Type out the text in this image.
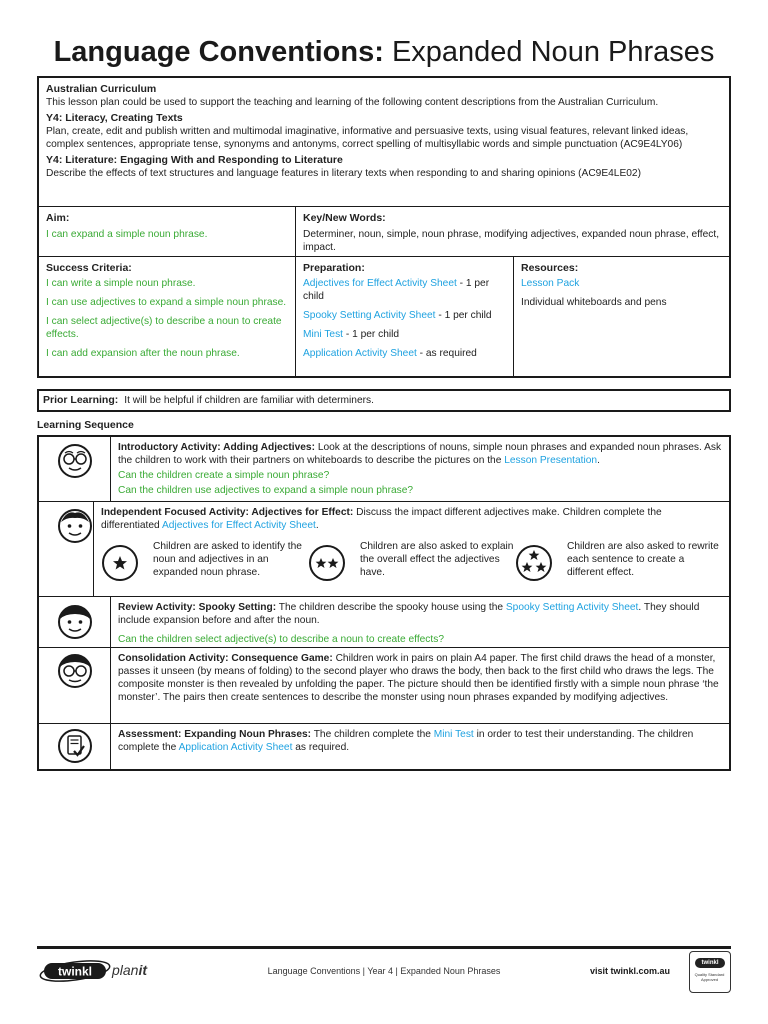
Language Conventions: Expanded Noun Phrases
Australian Curriculum
This lesson plan could be used to support the teaching and learning of the following content descriptions from the Australian Curriculum.
Y4: Literacy, Creating Texts
Plan, create, edit and publish written and multimodal imaginative, informative and persuasive texts, using visual features, relevant linked ideas, complex sentences, appropriate tense, synonyms and antonyms, correct spelling of multisyllabic words and simple punctuation (AC9E4LY06)
Y4: Literature: Engaging With and Responding to Literature
Describe the effects of text structures and language features in literary texts when responding to and sharing opinions (AC9E4LE02)
Aim:
I can expand a simple noun phrase.
Key/New Words:
Determiner, noun, simple, noun phrase, modifying adjectives, expanded noun phrase, effect, impact.
Success Criteria:

I can write a simple noun phrase.

I can use adjectives to expand a simple noun phrase.

I can select adjective(s) to describe a noun to create effects.

I can add expansion after the noun phrase.

Preparation:

Adjectives for Effect Activity Sheet - 1 per child

Spooky Setting Activity Sheet - 1 per child

Mini Test - 1 per child

Application Activity Sheet - as required

Resources:

Lesson Pack

Individual whiteboards and pens

Prior Learning: It will be helpful if children are familiar with determiners.
Learning Sequence

Introductory Activity: Adding Adjectives: Look at the descriptions of nouns, simple noun phrases and expanded noun phrases. Ask the children to work with their partners on whiteboards to describe the pictures on the Lesson Presentation.

Can the children create a simple noun phrase?

Can the children use adjectives to expand a simple noun phrase?

Independent Focused Activity: Adjectives for Effect: Discuss the impact different adjectives make. Children complete the differentiated Adjectives for Effect Activity Sheet.

Children are asked to identify the noun and adjectives in an expanded noun phrase.
Children are also asked to explain the overall effect the adjectives have.
Children are also asked to rewrite each sentence to create a different effect.

Review Activity: Spooky Setting: The children describe the spooky house using the Spooky Setting Activity Sheet. They should include expansion before and after the noun.

Can the children select adjective(s) to describe a noun to create effects?

Consolidation Activity: Consequence Game: Children work in pairs on plain A4 paper. The first child draws the head of a monster, passes it unseen (by means of folding) to the second player who draws the body, then back to the first child who draws the legs. The composite monster is then revealed by unfolding the paper. The picture should then be identified firstly with a simple noun phrase ‘the monster’. The pairs then create sentences to describe the monster using noun phrases expanded by modifying adjectives.

Assessment: Expanding Noun Phrases: The children complete the Mini Test in order to test their understanding. The children complete the Application Activity Sheet as required.

twinkl planit	Language Conventions | Year 4 | Expanded Noun Phrases	visit twinkl.com.au
twinkl
Quality Standard Approved
